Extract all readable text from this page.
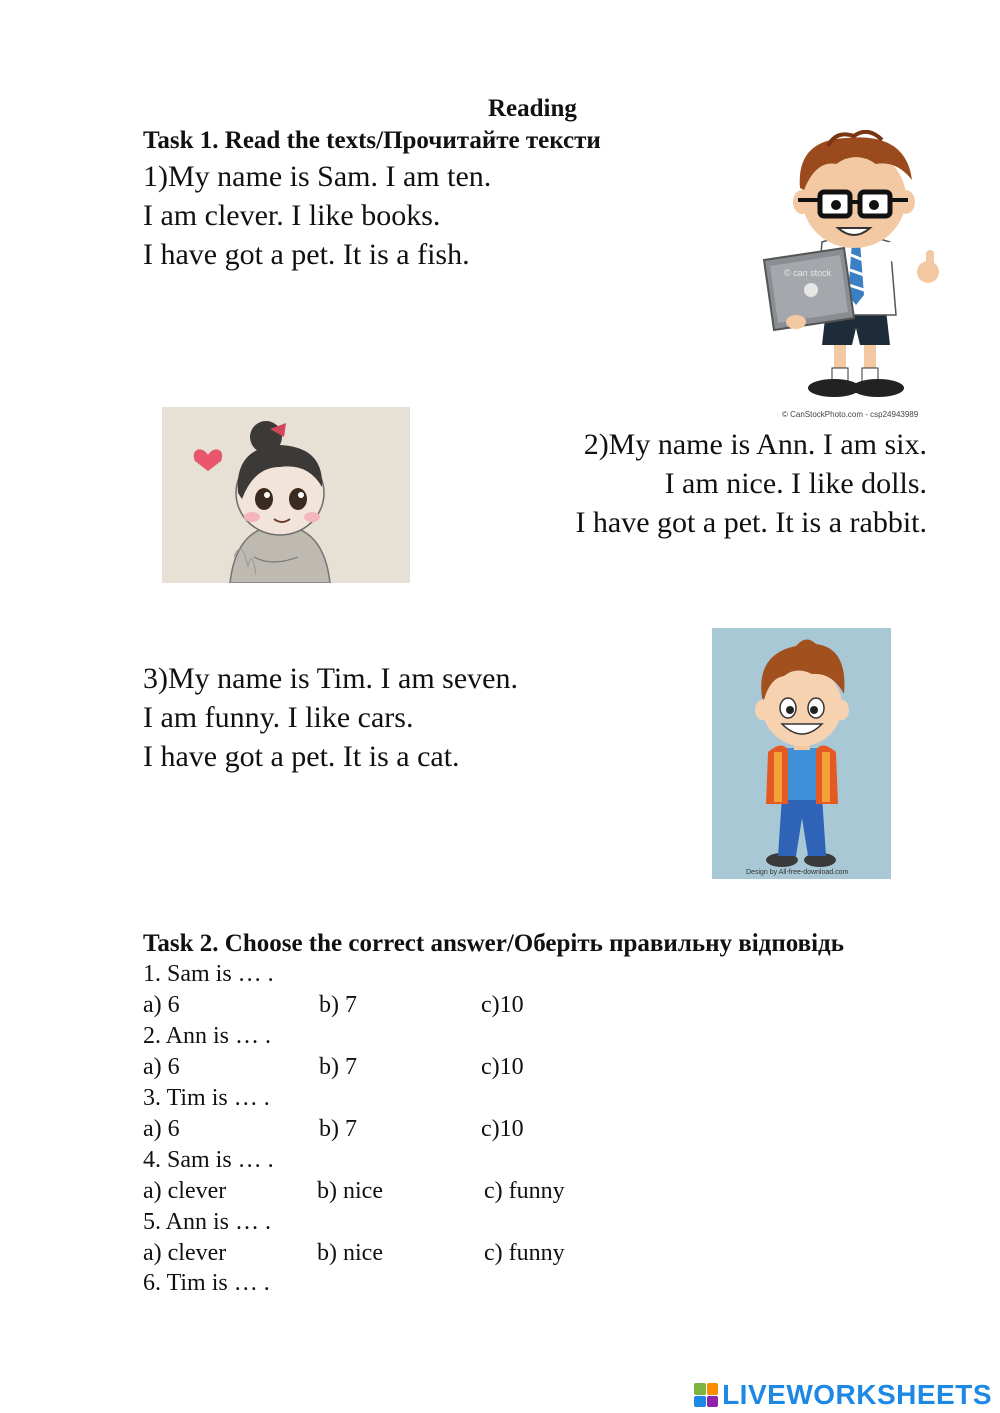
Reading
Task 1. Read the texts/Прочитайте тексти
1)My name is Sam. I am ten.
I am clever. I like books.
I have got a pet. It is a fish.
© can stock
© CanStockPhoto.com - csp24943989
2)My name is Ann. I am six.
I am nice. I like dolls.
I have got a pet. It is a rabbit.
3)My name is Tim. I am seven.
I am funny. I like cars.
I have got a pet. It is a cat.
Design by All-free-download.com
Task 2. Choose the correct answer/Оберіть правильну відповідь
1. Sam is … .
a) 6	b) 7	c)10
2. Ann is … .
a) 6	b) 7	c)10
3. Tim is … .
a) 6	b) 7	c)10
4. Sam is … .
a) clever	b) nice	c) funny
5. Ann is … .
a) clever	b) nice	c) funny
6. Tim is … .
LIVEWORKSHEETS
